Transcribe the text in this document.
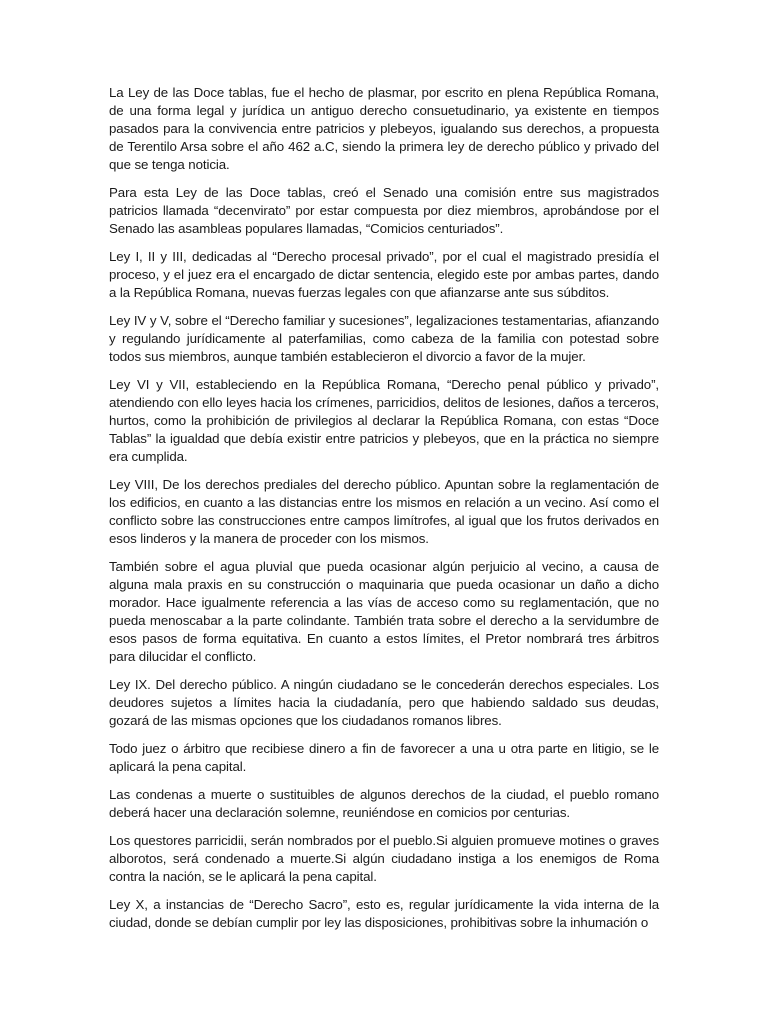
La Ley de las Doce tablas, fue el hecho de plasmar, por escrito en plena República Romana, de una forma legal y jurídica un antiguo derecho consuetudinario, ya existente en tiempos pasados para la convivencia entre patricios y plebeyos, igualando sus derechos, a propuesta de Terentilo Arsa sobre el año 462 a.C, siendo la primera ley de derecho público y privado del que se tenga noticia.

Para esta Ley de las Doce tablas, creó el Senado una comisión entre sus magistrados patricios llamada “decenvirato” por estar compuesta por diez miembros, aprobándose por el Senado las asambleas populares llamadas, “Comicios centuriados”.

Ley I, II y III, dedicadas al “Derecho procesal privado”, por el cual el magistrado presidía el proceso, y el juez era el encargado de dictar sentencia, elegido este por ambas partes, dando a la República Romana, nuevas fuerzas legales con que afianzarse ante sus súbditos.

Ley IV y V, sobre el “Derecho familiar y sucesiones”, legalizaciones testamentarias, afianzando y regulando jurídicamente al paterfamilias, como cabeza de la familia con potestad sobre todos sus miembros, aunque también establecieron el divorcio a favor de la mujer.

Ley VI y VII, estableciendo en la República Romana, “Derecho penal público y privado”, atendiendo con ello leyes hacia los crímenes, parricidios, delitos de lesiones, daños a terceros, hurtos, como la prohibición de privilegios al declarar la República Romana, con estas “Doce Tablas” la igualdad que debía existir entre patricios y plebeyos, que en la práctica no siempre era cumplida.

Ley VIII, De los derechos prediales del derecho público. Apuntan sobre la reglamentación de los edificios, en cuanto a las distancias entre los mismos en relación a un vecino. Así como el conflicto sobre las construcciones entre campos limítrofes, al igual que los frutos derivados en esos linderos y la manera de proceder con los mismos.

También sobre el agua pluvial que pueda ocasionar algún perjuicio al vecino, a causa de alguna mala praxis en su construcción o maquinaria que pueda ocasionar un daño a dicho morador. Hace igualmente referencia a las vías de acceso como su reglamentación, que no pueda menoscabar a la parte colindante. También trata sobre el derecho a la servidumbre de esos pasos de forma equitativa. En cuanto a estos límites, el Pretor nombrará tres árbitros para dilucidar el conflicto.

Ley IX. Del derecho público. A ningún ciudadano se le concederán derechos especiales. Los deudores sujetos a límites hacia la ciudadanía, pero que habiendo saldado sus deudas, gozará de las mismas opciones que los ciudadanos romanos libres.

Todo juez o árbitro que recibiese dinero a fin de favorecer a una u otra parte en litigio, se le aplicará la pena capital.

Las condenas a muerte o sustituibles de algunos derechos de la ciudad, el pueblo romano deberá hacer una declaración solemne, reuniéndose en comicios por centurias.

Los questores parricidii, serán nombrados por el pueblo.Si alguien promueve motines o graves alborotos, será condenado a muerte.Si algún ciudadano instiga a los enemigos de Roma contra la nación, se le aplicará la pena capital.

Ley X, a instancias de “Derecho Sacro”, esto es, regular jurídicamente la vida interna de la ciudad, donde se debían cumplir por ley las disposiciones, prohibitivas sobre la inhumación o
